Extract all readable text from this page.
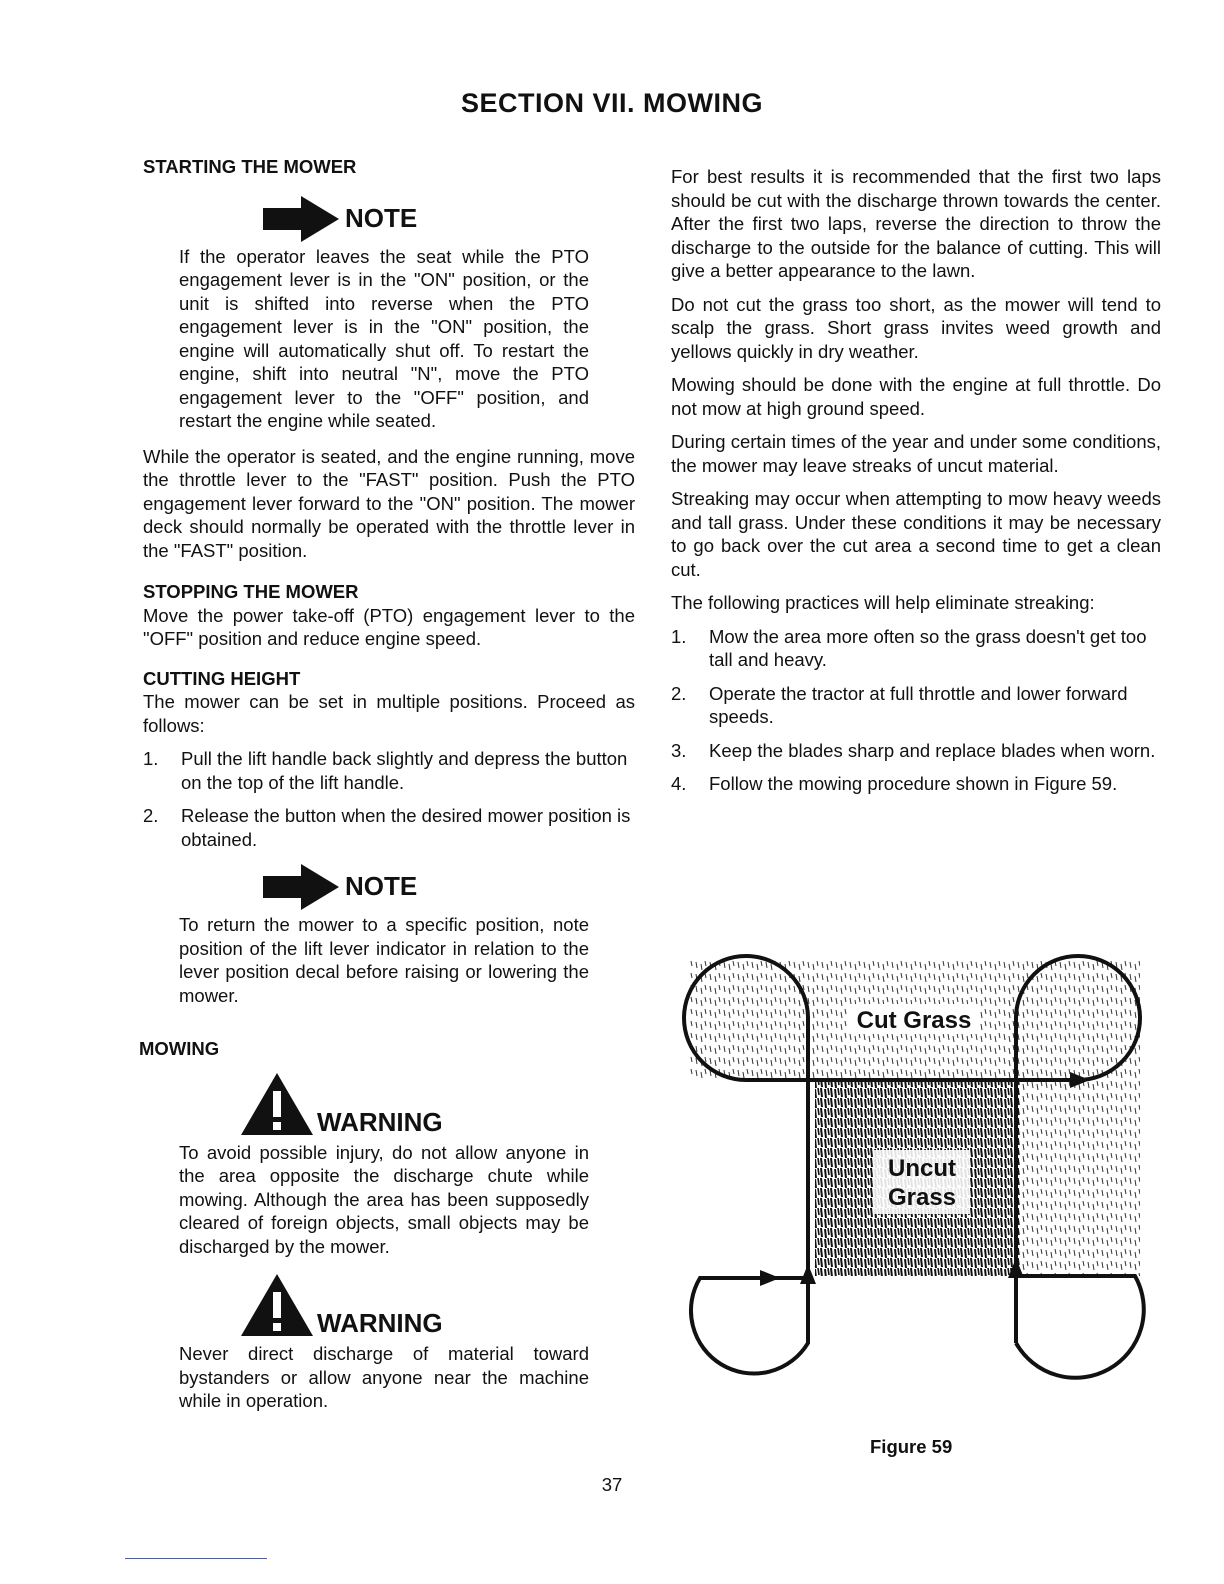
SECTION VII. MOWING
STARTING THE MOWER
NOTE

If the operator leaves the seat while the PTO engagement lever is in the "ON" position, or the unit is shifted into reverse when the PTO engagement lever is in the "ON" position, the engine will automatically shut off. To restart the engine, shift into neutral "N", move the PTO engagement lever to the "OFF" position, and restart the engine while seated.

While the operator is seated, and the engine running, move the throttle lever to the "FAST" position. Push the PTO engagement lever forward to the "ON" position. The mower deck should normally be operated with the throttle lever in the "FAST" position.

STOPPING THE MOWER

Move the power take-off (PTO) engagement lever to the "OFF" position and reduce engine speed.

CUTTING HEIGHT

The mower can be set in multiple positions. Proceed as follows:

1.	Pull the lift handle back slightly and depress the button on the top of the lift handle.
2.	Release the button when the desired mower position is obtained.
NOTE

To return the mower to a specific position, note position of the lift lever indicator in relation to the lever position decal before raising or lowering the mower.

MOWING
WARNING

To avoid possible injury, do not allow anyone in the area opposite the discharge chute while mowing. Although the area has been supposedly cleared of foreign objects, small objects may be discharged by the mower.

WARNING

Never direct discharge of material toward bystanders or allow anyone near the machine while in operation.

For best results it is recommended that the first two laps should be cut with the discharge thrown towards the center. After the first two laps, reverse the direction to throw the discharge to the outside for the balance of cutting. This will give a better appearance to the lawn.

Do not cut the grass too short, as the mower will tend to scalp the grass. Short grass invites weed growth and yellows quickly in dry weather.

Mowing should be done with the engine at full throttle. Do not mow at high ground speed.

During certain times of the year and under some conditions, the mower may leave streaks of uncut material.

Streaking may occur when attempting to mow heavy weeds and tall grass. Under these conditions it may be necessary to go back over the cut area a second time to get a clean cut.

The following practices will help eliminate streaking:

1.	Mow the area more often so the grass doesn't get too tall and heavy.
2.	Operate the tractor at full throttle and lower forward speeds.
3.	Keep the blades sharp and replace blades when worn.
4.	Follow the mowing procedure shown in Figure 59.
Cut Grass
Uncut
Grass
Figure 59
37
